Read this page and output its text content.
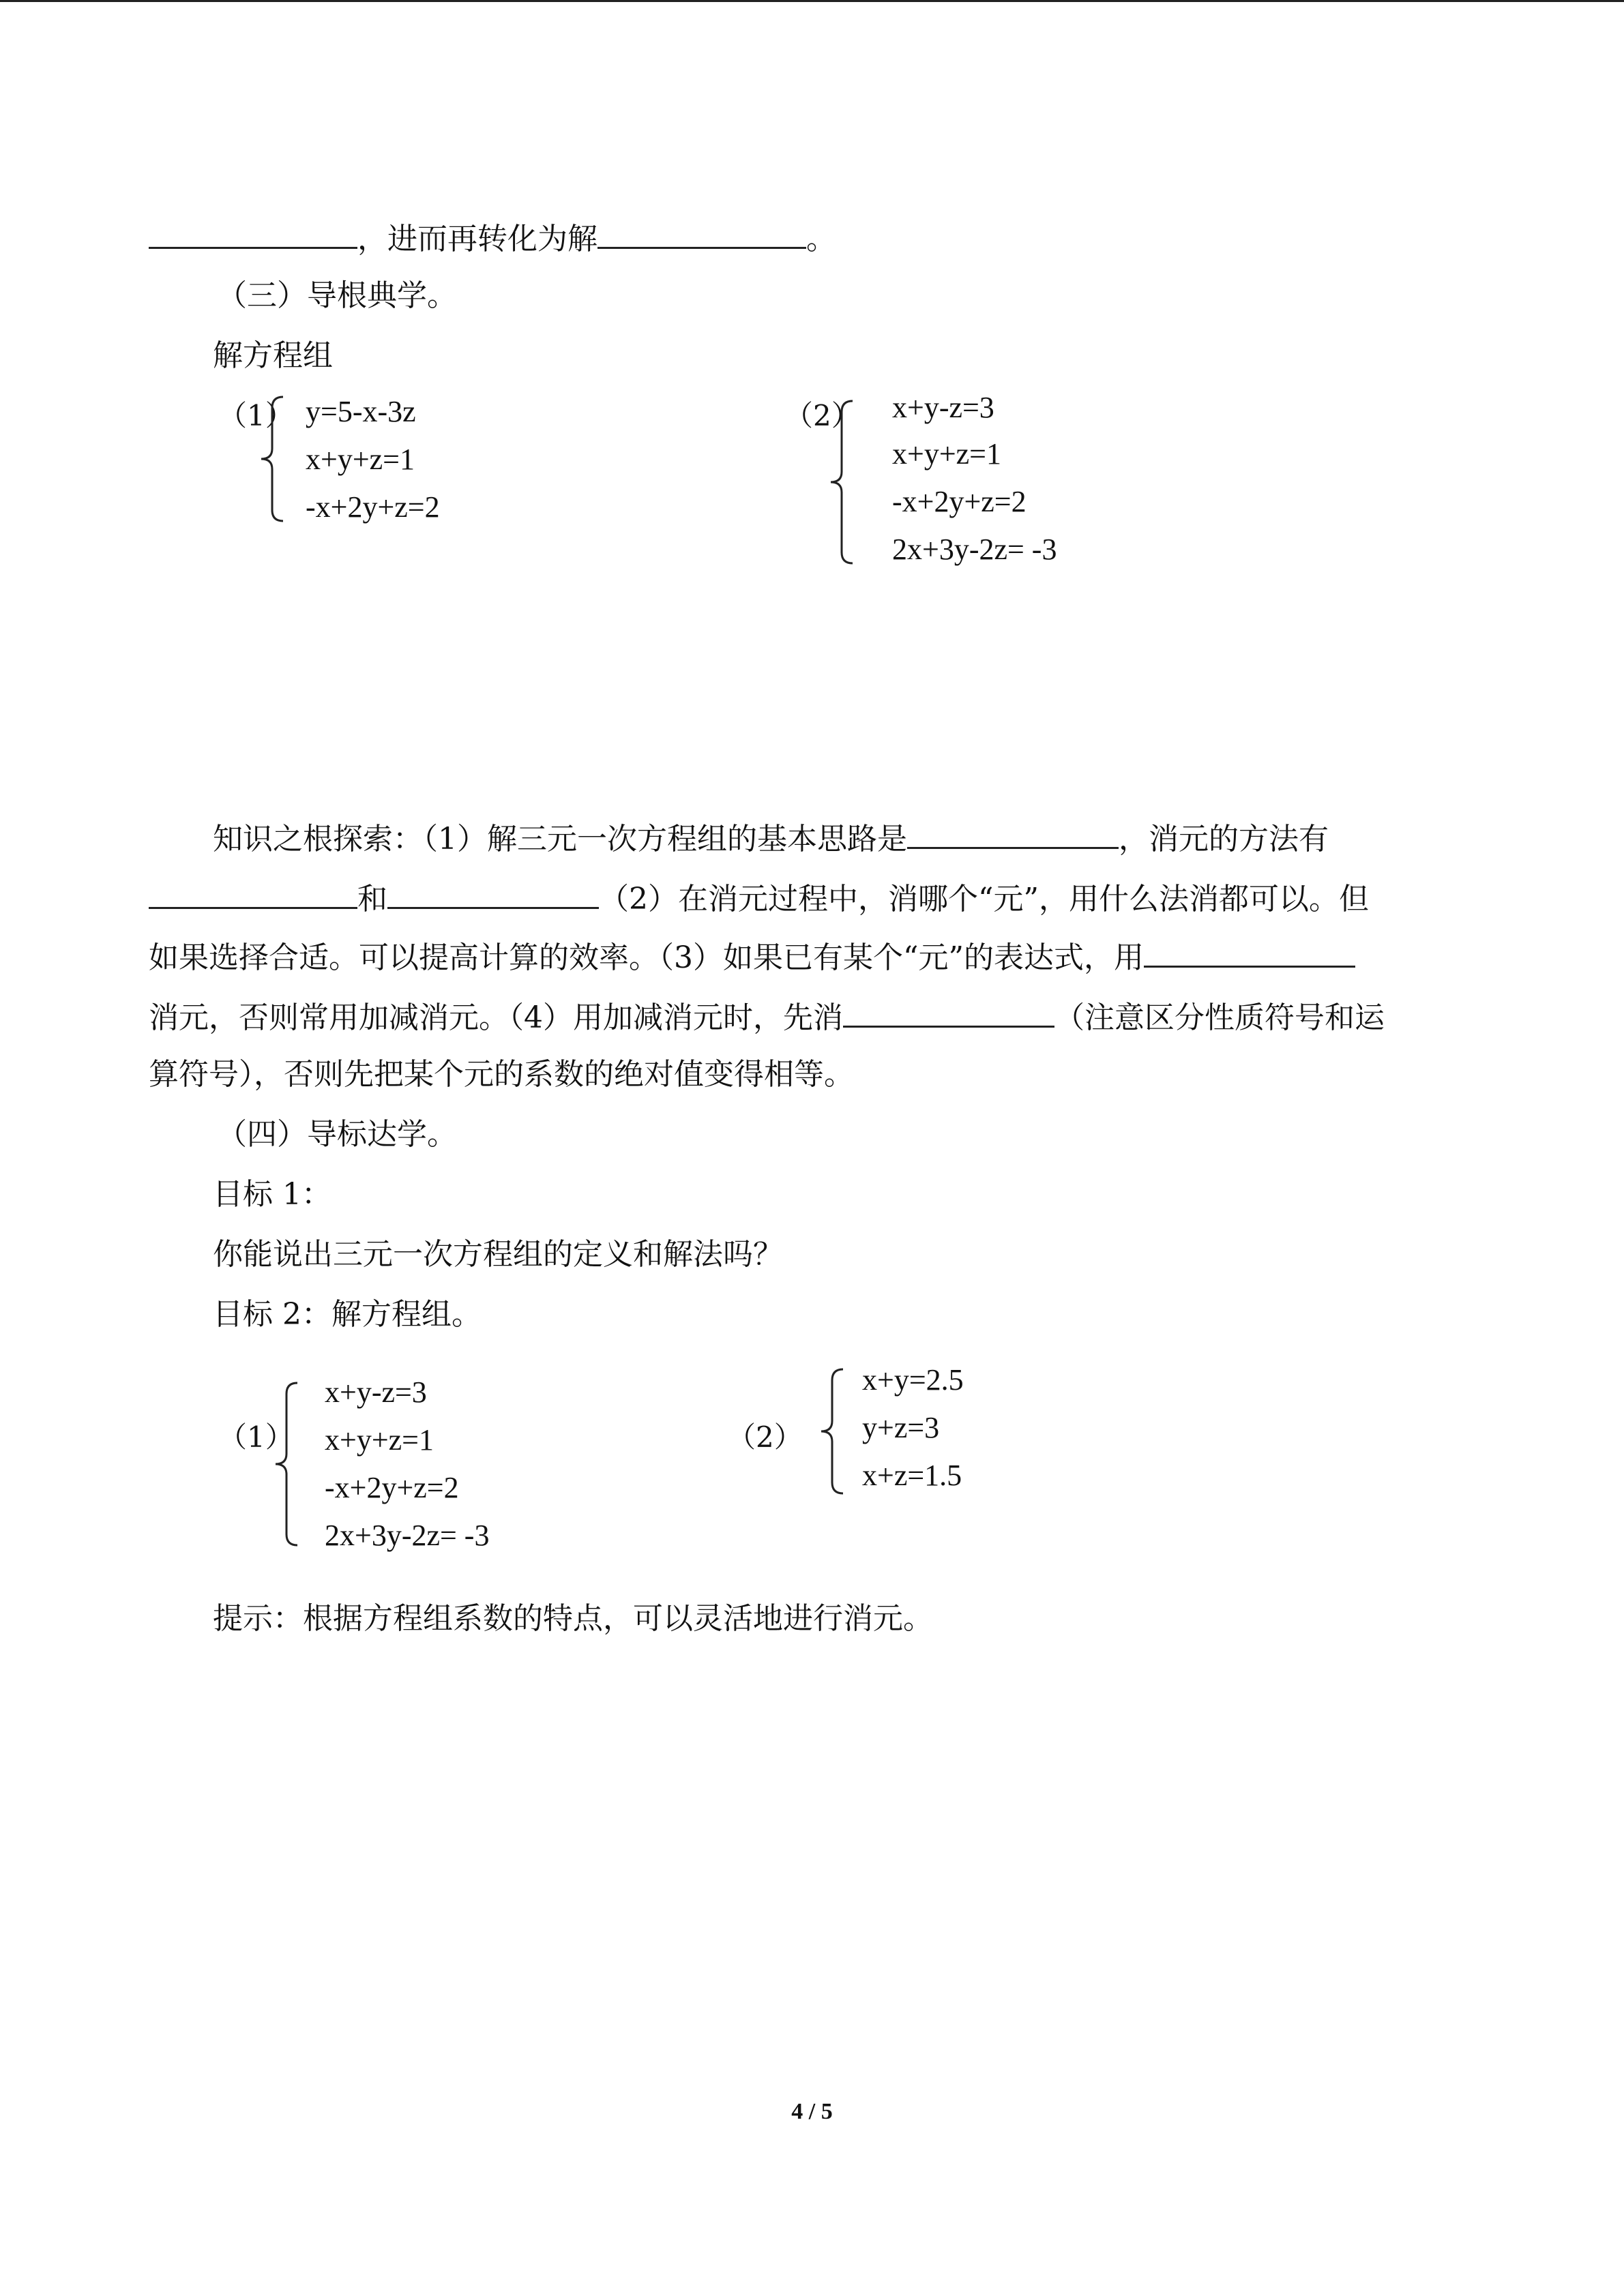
，进而再转化为解	。
（三）导根典学。
解方程组
（1） y=5-x-3z
x+y+z=1
-x+2y+z=2
（2） x+y-z=3
x+y+z=1
-x+2y+z=2
2x+3y-2z= -3
知识之根探索：（1）解三元一次方程组的基本思路是	，消元的方法有
和	（2）在消元过程中，消哪个“元”，用什么法消都可以。但
如果选择合适。可以提高计算的效率。（3）如果已有某个“元”的表达式，用
消元，否则常用加减消元。（4）用加减消元时，先消	（注意区分性质符号和运
算符号），否则先把某个元的系数的绝对值变得相等。
（四）导标达学。
目标 1：
你能说出三元一次方程组的定义和解法吗？
目标 2：解方程组。
（1）
x+y-z=3
x+y+z=1
-x+2y+z=2
2x+3y-2z= -3
（2）
x+y=2.5
y+z=3
x+z=1.5
提示：根据方程组系数的特点，可以灵活地进行消元。
4 / 5
